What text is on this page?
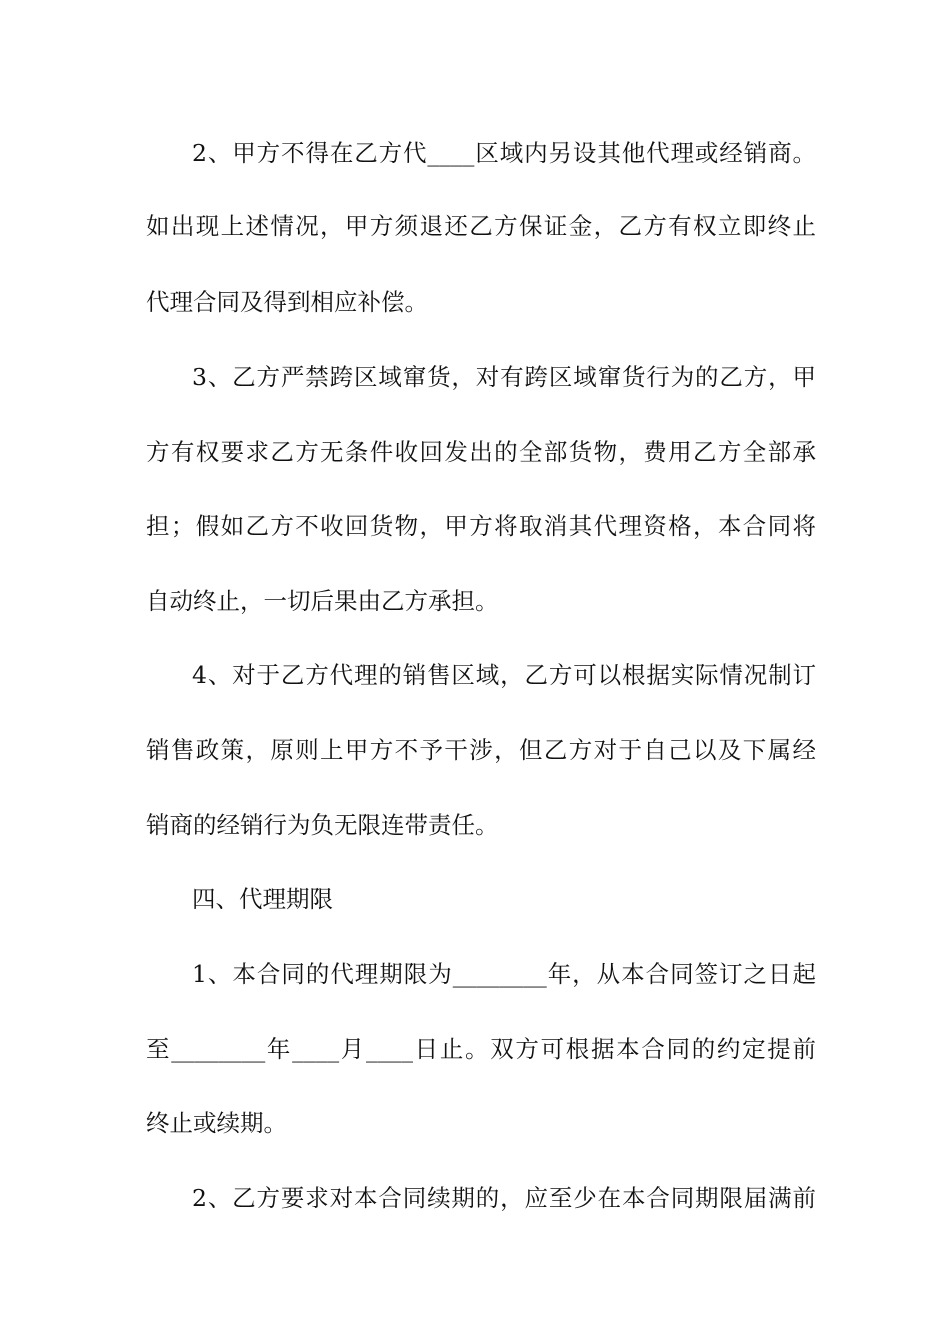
2、甲方不得在乙方代____区域内另设其他代理或经销商。
如出现上述情况，甲方须退还乙方保证金，乙方有权立即终止
代理合同及得到相应补偿。
3、乙方严禁跨区域窜货，对有跨区域窜货行为的乙方，甲
方有权要求乙方无条件收回发出的全部货物，费用乙方全部承
担；假如乙方不收回货物，甲方将取消其代理资格，本合同将
自动终止，一切后果由乙方承担。
4、对于乙方代理的销售区域，乙方可以根据实际情况制订
销售政策，原则上甲方不予干涉，但乙方对于自己以及下属经
销商的经销行为负无限连带责任。
四、代理期限
1、本合同的代理期限为________年，从本合同签订之日起
至________年____月____日止。双方可根据本合同的约定提前
终止或续期。
2、乙方要求对本合同续期的，应至少在本合同期限届满前
